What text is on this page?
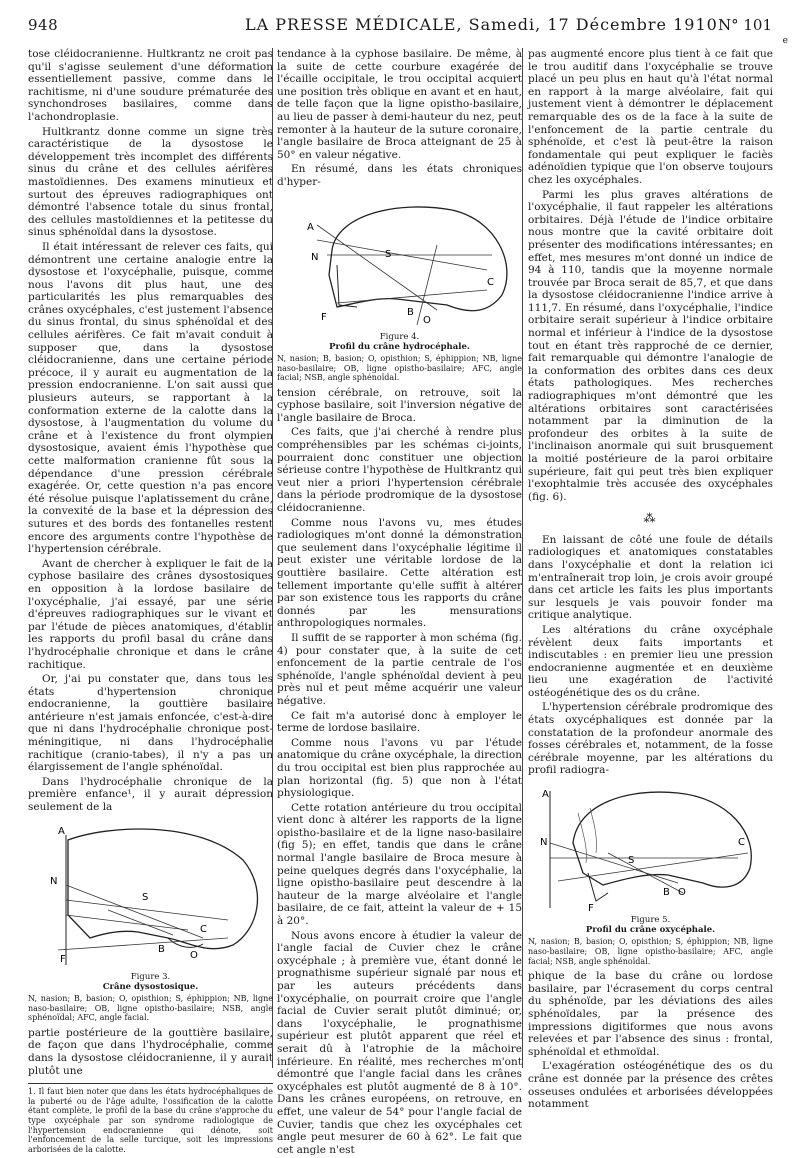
948	LA PRESSE MÉDICALE, Samedi, 17 Décembre 1910 N° 101
e

tose cléidocranienne. Hultkrantz ne croit pas qu'il s'agisse seulement d'une déformation essentiellement passive, comme dans le rachitisme, ni d'une soudure prématurée des synchondroses basilaires, comme dans l'achondroplasie.

Hultkrantz donne comme un signe très caractéristique de la dysostose le développement très incomplet des différents sinus du crâne et des cellules aérifères mastoïdiennes. Des examens minutieux et surtout des épreuves radiographiques ont démontré l'absence totale du sinus frontal, des cellules mastoïdiennes et la petitesse du sinus sphénoïdal dans la dysostose.

Il était intéressant de relever ces faits, qui démontrent une certaine analogie entre la dysostose et l'oxycéphalie, puisque, comme nous l'avons dit plus haut, une des particularités les plus remarquables des crânes oxycéphales, c'est justement l'absence du sinus frontal, du sinus sphénoïdal et des cellules aérifères. Ce fait m'avait conduit à supposer que, dans la dysostose cléidocranienne, dans une certaine période précoce, il y aurait eu augmentation de la pression endocranienne. L'on sait aussi que plusieurs auteurs, se rapportant à la conformation externe de la calotte dans la dysostose, à l'augmentation du volume du crâne et à l'existence du front olympien dysostosique, avaient émis l'hypothèse que cette malformation cranienne fût sous la dépendance d'une pression cérébrale exagérée. Or, cette question n'a pas encore été résolue puisque l'aplatissement du crâne, la convexité de la base et la dépression des sutures et des bords des fontanelles restent encore des arguments contre l'hypothèse de l'hypertension cérébrale.

Avant de chercher à expliquer le fait de la cyphose basilaire des crânes dysostosiques en opposition à la lordose basilaire de l'oxycéphalie, j'ai essayé, par une série d'épreuves radiographiques sur le vivant et par l'étude de pièces anatomiques, d'établir les rapports du profil basal du crâne dans l'hydrocéphalie chronique et dans le crâne rachitique.

Or, j'ai pu constater que, dans tous les états d'hypertension chronique endocranienne, la gouttière basilaire antérieure n'est jamais enfoncée, c'est-à-dire que ni dans l'hydrocéphalie chronique post-méningitique, ni dans l'hydrocéphalie rachitique (cranio-tabes), il n'y a pas un élargissement de l'angle sphénoïdal.

Dans l'hydrocéphalie chronique de la première enfance¹, il y aurait dépression seulement de la

A
N
S
C
F
B
O
Figure 3.
Crâne dysostosique.
N, nasion; B, basion; O, opisthion; S, éphippion; NB, ligne naso-basilaire; OB, ligne opistho-basilaire; NSB, angle sphénoïdal; AFC, angle facial.

partie postérieure de la gouttière basilaire, de façon que dans l'hydrocéphalie, comme dans la dysostose cléidocranienne, il y aurait plutôt une

1. Il faut bien noter que dans les états hydrocéphaliques de la puberté ou de l'âge adulte, l'ossification de la calotte étant complète, le profil de la base du crâne s'approche du type oxycéphale par son syndrome radiologique de l'hypertension endocranienne qui dénote, soit l'enfoncement de la selle turcique, soit les impressions arborisées de la calotte.

tendance à la cyphose basilaire. De même, à la suite de cette courbure exagérée de l'écaille occipitale, le trou occipital acquiert une position très oblique en avant et en haut, de telle façon que la ligne opistho-basilaire, au lieu de passer à demi-hauteur du nez, peut remonter à la hauteur de la suture coronaire, l'angle basilaire de Broca atteignant de 25 à 50° en valeur négative.

En résumé, dans les états chroniques d'hyper-

A
N	S
C
F	B
O
Figure 4.
Profil du crâne hydrocéphale.
N, nasion; B, basion; O, opisthion; S, éphippion; NB, ligne naso-basilaire; OB, ligne opistho-basilaire; AFC, angle facial; NSB, angle sphénoïdal.

tension cérébrale, on retrouve, soit la cyphose basilaire, soit l'inversion négative de l'angle basilaire de Broca.

Ces faits, que j'ai cherché à rendre plus compréhensibles par les schémas ci-joints, pourraient donc constituer une objection sérieuse contre l'hypothèse de Hultkrantz qui veut nier a priori l'hypertension cérébrale dans la période prodromique de la dysostose cléidocranienne.

Comme nous l'avons vu, mes études radiologiques m'ont donné la démonstration que seulement dans l'oxycéphalie légitime il peut exister une véritable lordose de la gouttière basilaire. Cette altération est tellement importante qu'elle suffit à altérer par son existence tous les rapports du crâne donnés par les mensurations anthropologiques normales.

Il suffit de se rapporter à mon schéma (fig. 4) pour constater que, à la suite de cet enfoncement de la partie centrale de l'os sphénoïde, l'angle sphénoïdal devient à peu près nul et peut même acquérir une valeur négative.

Ce fait m'a autorisé donc à employer le terme de lordose basilaire.

Comme nous l'avons vu par l'étude anatomique du crâne oxycéphale, la direction du trou occipital est bien plus rapprochée au plan horizontal (fig. 5) que non à l'état physiologique.

Cette rotation antérieure du trou occipital vient donc à altérer les rapports de la ligne opistho-basilaire et de la ligne naso-basilaire (fig 5); en effet, tandis que dans le crâne normal l'angle basilaire de Broca mesure à peine quelques degrés dans l'oxycéphalie, la ligne opistho-basilaire peut descendre à la hauteur de la marge alvéolaire et l'angle basilaire, de ce fait, atteint la valeur de + 15 à 20°.

Nous avons encore à étudier la valeur de l'angle facial de Cuvier chez le crâne oxycéphale ; à première vue, étant donné le prognathisme supérieur signalé par nous et par les auteurs précédents dans l'oxycéphalie, on pourrait croire que l'angle facial de Cuvier serait plutôt diminué; or, dans l'oxycéphalie, le prognathisme supérieur est plutôt apparent que réel et serait dû à l'atrophie de la mâchoire inférieure. En réalité, mes recherches m'ont démontré que l'angle facial dans les crânes oxycéphales est plutôt augmenté de 8 à 10°. Dans les crânes européens, on retrouve, en effet, une valeur de 54° pour l'angle facial de Cuvier, tandis que chez les oxycéphales cet angle peut mesurer de 60 à 62°. Le fait que cet angle n'est

pas augmenté encore plus tient à ce fait que le trou auditif dans l'oxycéphalie se trouve placé un peu plus en haut qu'à l'état normal en rapport à la marge alvéolaire, fait qui justement vient à démontrer le déplacement remarquable des os de la face à la suite de l'enfoncement de la partie centrale du sphénoïde, et c'est là peut-être la raison fondamentale qui peut expliquer le faciès adénoïdien typique que l'on observe toujours chez les oxycéphales.

Parmi les plus graves altérations de l'oxycéphalie, il faut rappeler les altérations orbitaires. Déjà l'étude de l'indice orbitaire nous montre que la cavité orbitaire doit présenter des modifications intéressantes; en effet, mes mesures m'ont donné un indice de 94 à 110, tandis que la moyenne normale trouvée par Broca serait de 85,7, et que dans la dysostose cléidocranienne l'indice arrive à 111,7. En résumé, dans l'oxycéphalie, l'indice orbitaire serait supérieur à l'indice orbitaire normal et inférieur à l'indice de la dysostose tout en étant très rapproché de ce dernier, fait remarquable qui démontre l'analogie de la conformation des orbites dans ces deux états pathologiques. Mes recherches radiographiques m'ont démontré que les altérations orbitaires sont caractérisées notamment par la diminution de la profondeur des orbites à la suite de l'inclinaison anormale qui suit brusquement la moitié postérieure de la paroi orbitaire supérieure, fait qui peut très bien expliquer l'exophtalmie très accusée des oxycéphales (fig. 6).

⁂

En laissant de côté une foule de détails radiologiques et anatomiques constatables dans l'oxycéphalie et dont la relation ici m'entraînerait trop loin, je crois avoir groupé dans cet article les faits les plus importants sur lesquels je vais pouvoir fonder ma critique analytique.

Les altérations du crâne oxycéphale révèlent deux faits importants et indiscutables : en premier lieu une pression endocranienne augmentée et en deuxième lieu une exagération de l'activité ostéogénétique des os du crâne.

L'hypertension cérébrale prodromique des états oxycéphaliques est donnée par la constatation de la profondeur anormale des fosses cérébrales et, notamment, de la fosse cérébrale moyenne, par les altérations du profil radiogra-

A
N
S
C
F
B O
Figure 5.
Profil du crâne oxycéphale.
N, nasion; B, basion; O, opisthion; S, éphippion; NB, ligne naso-basilaire; OB, ligne opistho-basilaire; AFC, angle facial; NSB, angle sphénoïdal.

phique de la base du crâne ou lordose basilaire, par l'écrasement du corps central du sphénoïde, par les déviations des ailes sphénoïdales, par la présence des impressions digitiformes que nous avons relevées et par l'absence des sinus : frontal, sphénoïdal et ethmoïdal.

L'exagération ostéogénétique des os du crâne est donnée par la présence des crêtes osseuses ondulées et arborisées développées notamment
